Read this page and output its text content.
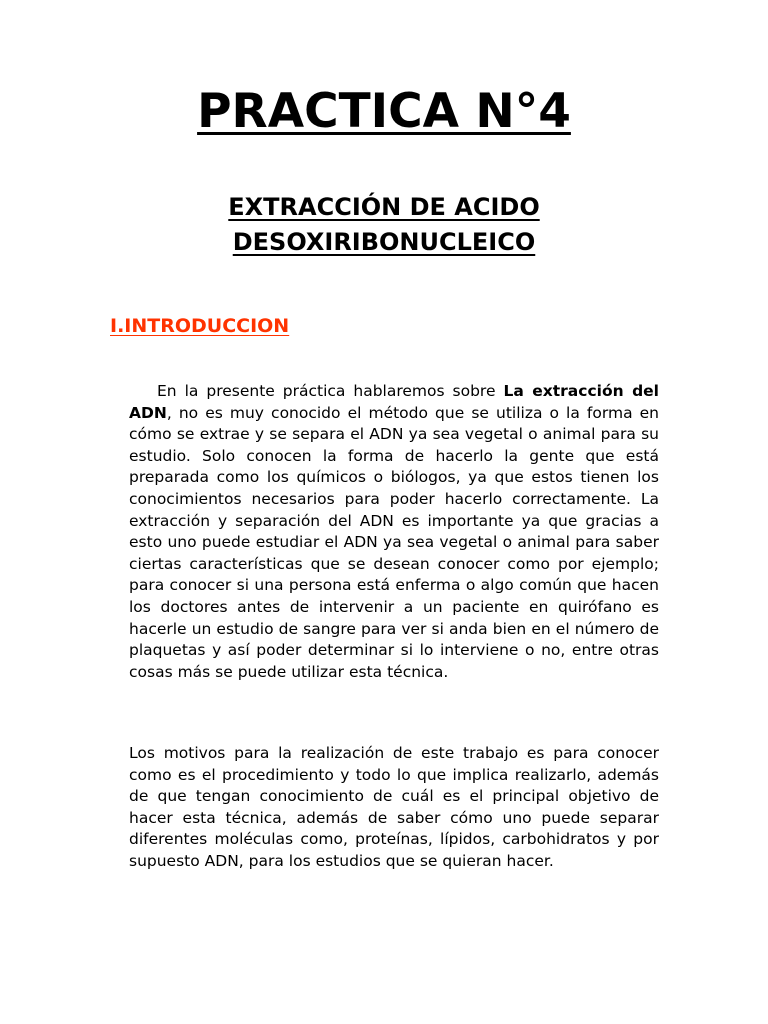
PRACTICA N°4
EXTRACCIÓN DE ACIDO
DESOXIRIBONUCLEICO
I.INTRODUCCION

En la presente práctica hablaremos sobre La extracción del ADN, no es muy conocido el método que se utiliza o la forma en cómo se extrae y se separa el ADN ya sea vegetal o animal para su estudio. Solo conocen la forma de hacerlo la gente que está preparada como los químicos o biólogos, ya que estos tienen los conocimientos necesarios para poder hacerlo correctamente. La extracción y separación del ADN es importante ya que gracias a esto uno puede estudiar el ADN ya sea vegetal o animal para saber ciertas características que se desean conocer como por ejemplo; para conocer si una persona está enferma o algo común que hacen los doctores antes de intervenir a un paciente en quirófano es hacerle un estudio de sangre para ver si anda bien en el número de plaquetas y así poder determinar si lo interviene o no, entre otras cosas más se puede utilizar esta técnica.

Los motivos para la realización de este trabajo es para conocer como es el procedimiento y todo lo que implica realizarlo, además de que tengan conocimiento de cuál es el principal objetivo de hacer esta técnica, además de saber cómo uno puede separar diferentes moléculas como, proteínas, lípidos, carbohidratos y por supuesto ADN, para los estudios que se quieran hacer.
